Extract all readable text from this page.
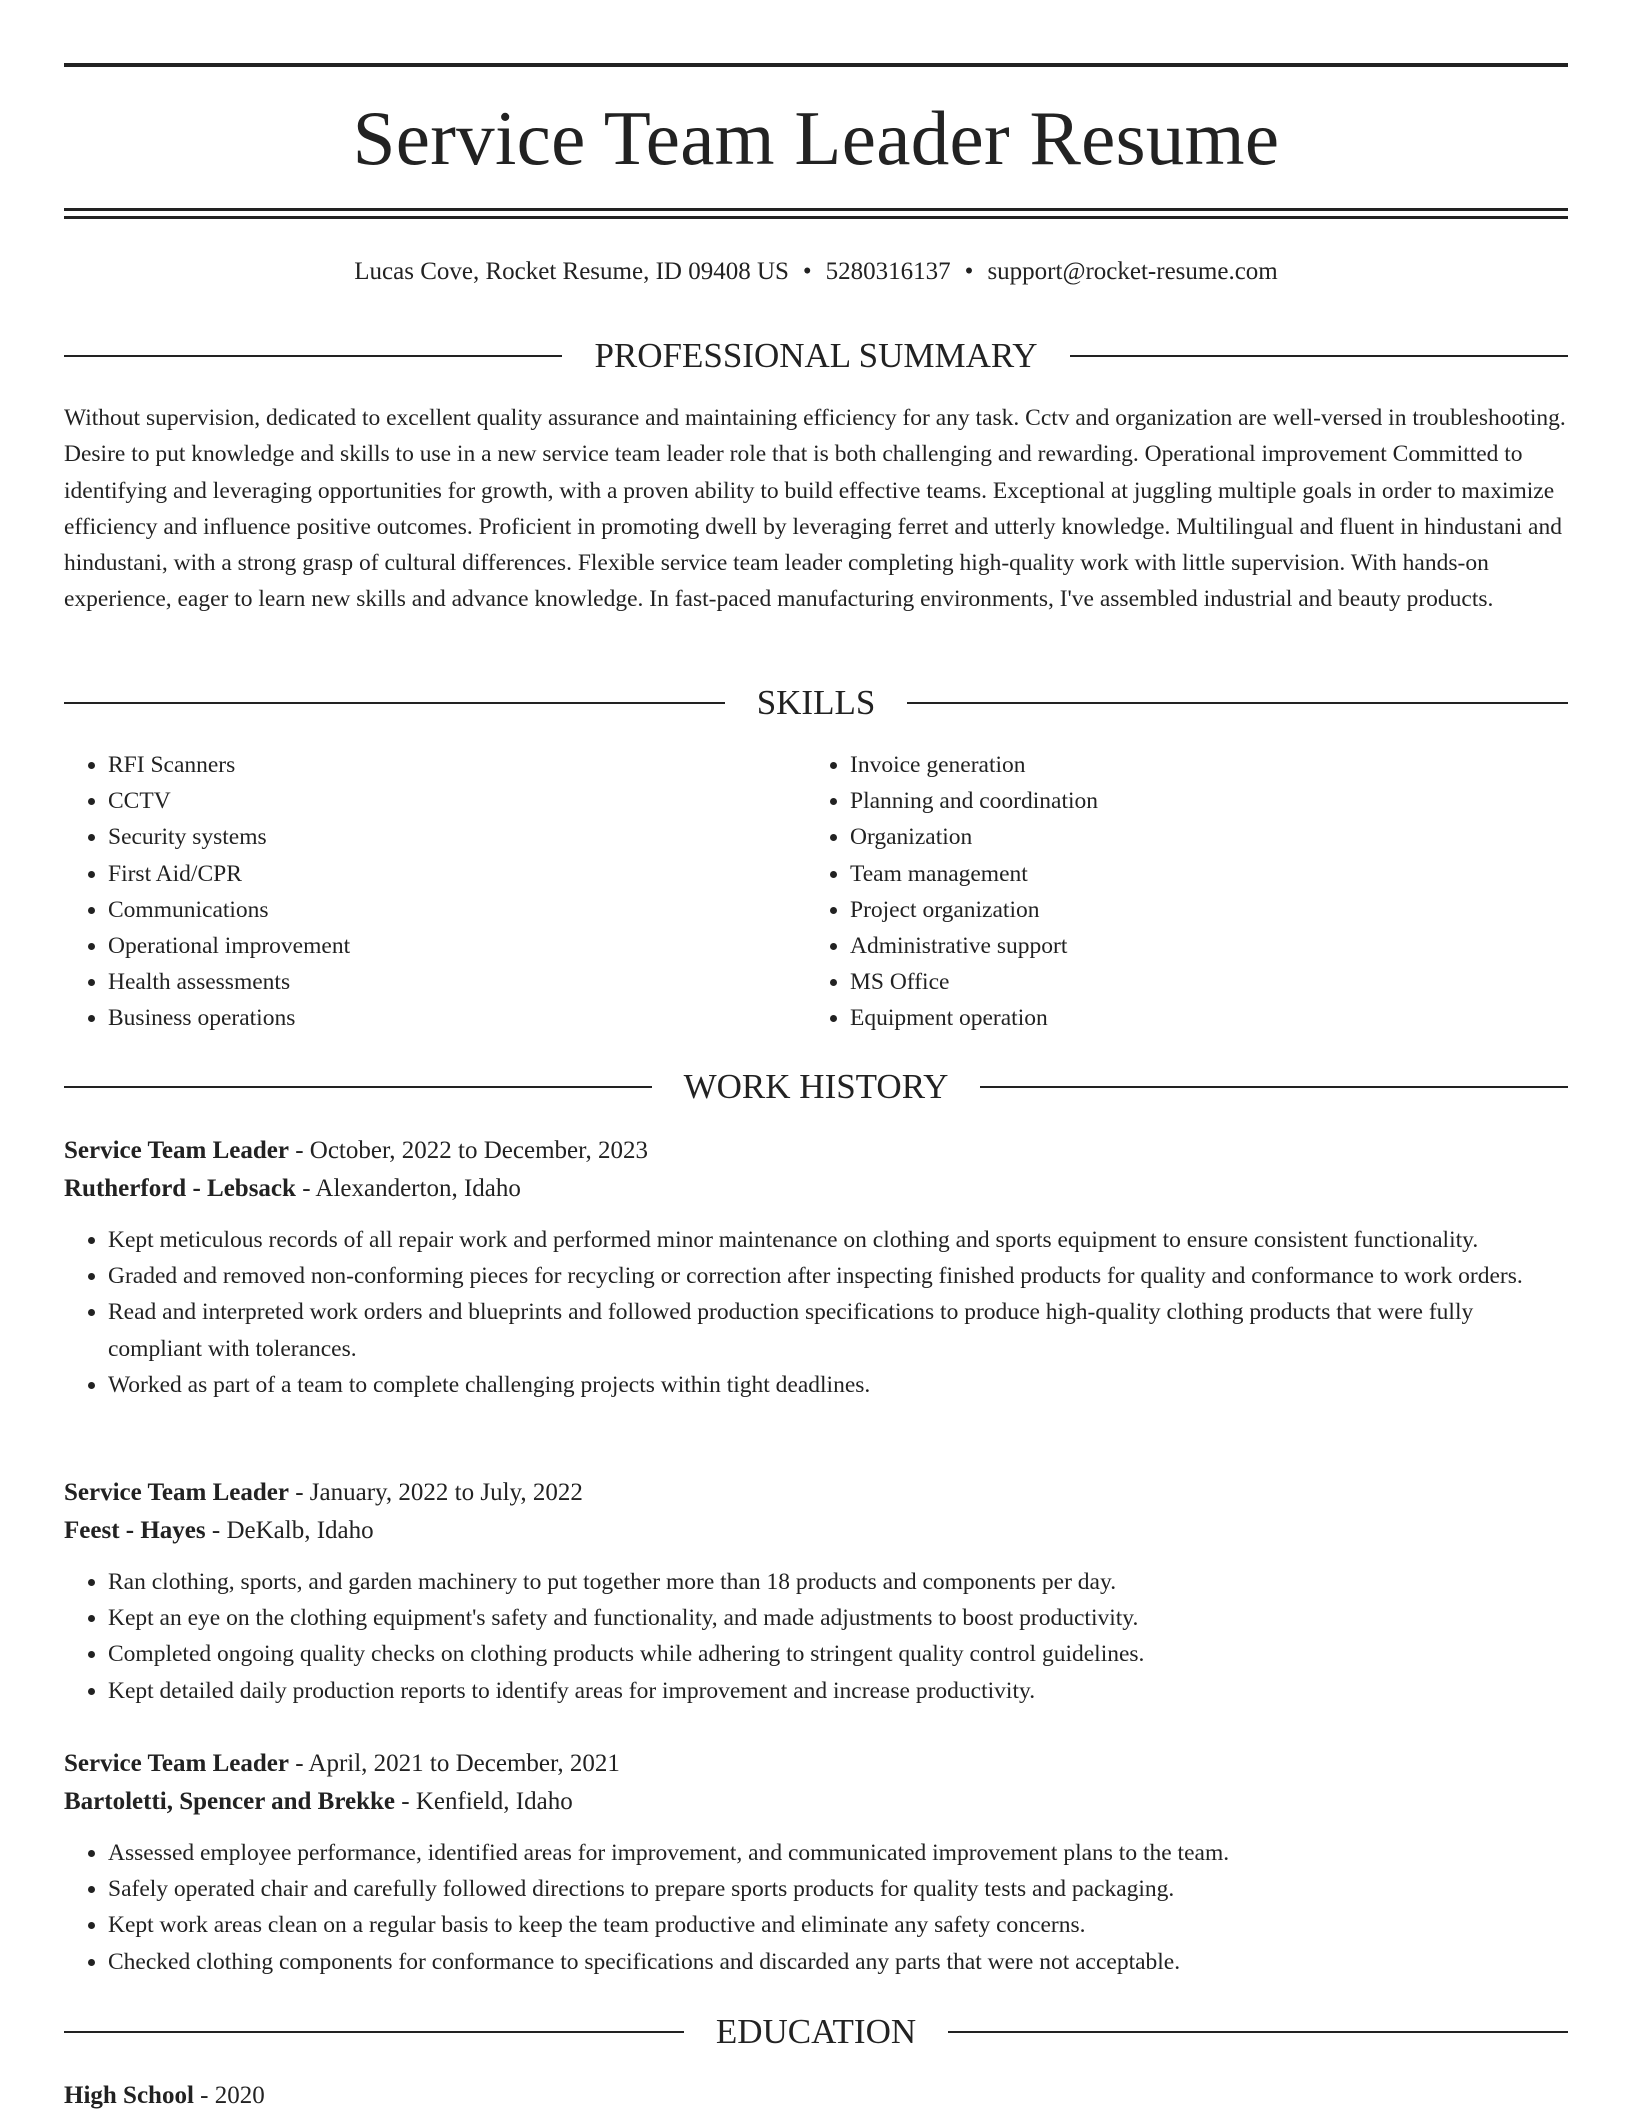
Service Team Leader Resume
Lucas Cove, Rocket Resume, ID 09408 US • 5280316137 • support@rocket-resume.com
PROFESSIONAL SUMMARY
Without supervision, dedicated to excellent quality assurance and maintaining efficiency for any task. Cctv and organization are well-versed in troubleshooting. Desire to put knowledge and skills to use in a new service team leader role that is both challenging and rewarding. Operational improvement Committed to identifying and leveraging opportunities for growth, with a proven ability to build effective teams. Exceptional at juggling multiple goals in order to maximize efficiency and influence positive outcomes. Proficient in promoting dwell by leveraging ferret and utterly knowledge. Multilingual and fluent in hindustani and hindustani, with a strong grasp of cultural differences. Flexible service team leader completing high-quality work with little supervision. With hands-on experience, eager to learn new skills and advance knowledge. In fast-paced manufacturing environments, I've assembled industrial and beauty products.
SKILLS
• RFI Scanners
• CCTV
• Security systems
• First Aid/CPR
• Communications
• Operational improvement
• Health assessments
• Business operations
• Invoice generation
• Planning and coordination
• Organization
• Team management
• Project organization
• Administrative support
• MS Office
• Equipment operation
WORK HISTORY
Service Team Leader - October, 2022 to December, 2023
Rutherford - Lebsack - Alexanderton, Idaho
• Kept meticulous records of all repair work and performed minor maintenance on clothing and sports equipment to ensure consistent functionality.
• Graded and removed non-conforming pieces for recycling or correction after inspecting finished products for quality and conformance to work orders.
• Read and interpreted work orders and blueprints and followed production specifications to produce high-quality clothing products that were fully compliant with tolerances.
• Worked as part of a team to complete challenging projects within tight deadlines.
Service Team Leader - January, 2022 to July, 2022
Feest - Hayes - DeKalb, Idaho
• Ran clothing, sports, and garden machinery to put together more than 18 products and components per day.
• Kept an eye on the clothing equipment's safety and functionality, and made adjustments to boost productivity.
• Completed ongoing quality checks on clothing products while adhering to stringent quality control guidelines.
• Kept detailed daily production reports to identify areas for improvement and increase productivity.
Service Team Leader - April, 2021 to December, 2021
Bartoletti, Spencer and Brekke - Kenfield, Idaho
• Assessed employee performance, identified areas for improvement, and communicated improvement plans to the team.
• Safely operated chair and carefully followed directions to prepare sports products for quality tests and packaging.
• Kept work areas clean on a regular basis to keep the team productive and eliminate any safety concerns.
• Checked clothing components for conformance to specifications and discarded any parts that were not acceptable.
EDUCATION
High School - 2020
